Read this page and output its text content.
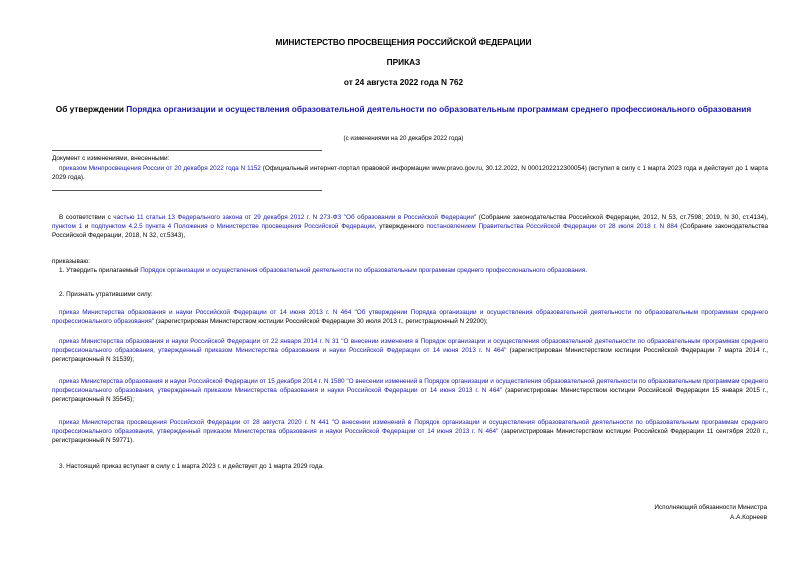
МИНИСТЕРСТВО ПРОСВЕЩЕНИЯ РОССИЙСКОЙ ФЕДЕРАЦИИ
ПРИКАЗ
от 24 августа 2022 года N 762
Об утверждении Порядка организации и осуществления образовательной деятельности по образовательным программам среднего профессионального образования
(с изменениями на 20 декабря 2022 года)
Документ с изменениями, внесенными:
приказом Минпросвещения России от 20 декабря 2022 года N 1152 (Официальный интернет-портал правовой информации www.pravo.gov.ru, 30.12.2022, N 0001202212300054) (вступил в силу с 1 марта 2023 года и действует до 1 марта 2029 года).
В соответствии с частью 11 статьи 13 Федерального закона от 29 декабря 2012 г. N 273-ФЗ "Об образовании в Российской Федерации" (Собрание законодательства Российской Федерации, 2012, N 53, ст.7598; 2019, N 30, ст.4134), пунктом 1 и подпунктом 4.2.5 пункта 4 Положения о Министерстве просвещения Российской Федерации, утвержденного постановлением Правительства Российской Федерации от 28 июля 2018 г. N 884 (Собрание законодательства Российской Федерации, 2018, N 32, ст.5343),
приказываю:
1. Утвердить прилагаемый Порядок организации и осуществления образовательной деятельности по образовательным программам среднего профессионального образования.
2. Признать утратившими силу:
приказ Министерства образования и науки Российской Федерации от 14 июня 2013 г. N 464 "Об утверждении Порядка организации и осуществления образовательной деятельности по образовательным программам среднего профессионального образования" (зарегистрирован Министерством юстиции Российской Федерации 30 июля 2013 г., регистрационный N 29200);
приказ Министерства образования и науки Российской Федерации от 22 января 2014 г. N 31 "О внесении изменения в Порядок организации и осуществления образовательной деятельности по образовательным программам среднего профессионального образования, утвержденный приказом Министерства образования и науки Российской Федерации от 14 июня 2013 г. N 464" (зарегистрирован Министерством юстиции Российской Федерации 7 марта 2014 г., регистрационный N 31539);
приказ Министерства образования и науки Российской Федерации от 15 декабря 2014 г. N 1580 "О внесении изменений в Порядок организации и осуществления образовательной деятельности по образовательным программам среднего профессионального образования, утвержденный приказом Министерства образования и науки Российской Федерации от 14 июня 2013 г. N 464" (зарегистрирован Министерством юстиции Российской Федерации 15 января 2015 г., регистрационный N 35545);
приказ Министерства просвещения Российской Федерации от 28 августа 2020 г. N 441 "О внесении изменений в Порядок организации и осуществления образовательной деятельности по образовательным программам среднего профессионального образования, утвержденный приказом Министерства образования и науки Российской Федерации от 14 июня 2013 г. N 464" (зарегистрирован Министерством юстиции Российской Федерации 11 сентября 2020 г., регистрационный N 59771).
3. Настоящий приказ вступает в силу с 1 марта 2023 г. и действует до 1 марта 2029 года.
Исполняющий обязанности Министра
А.А.Корнеев
